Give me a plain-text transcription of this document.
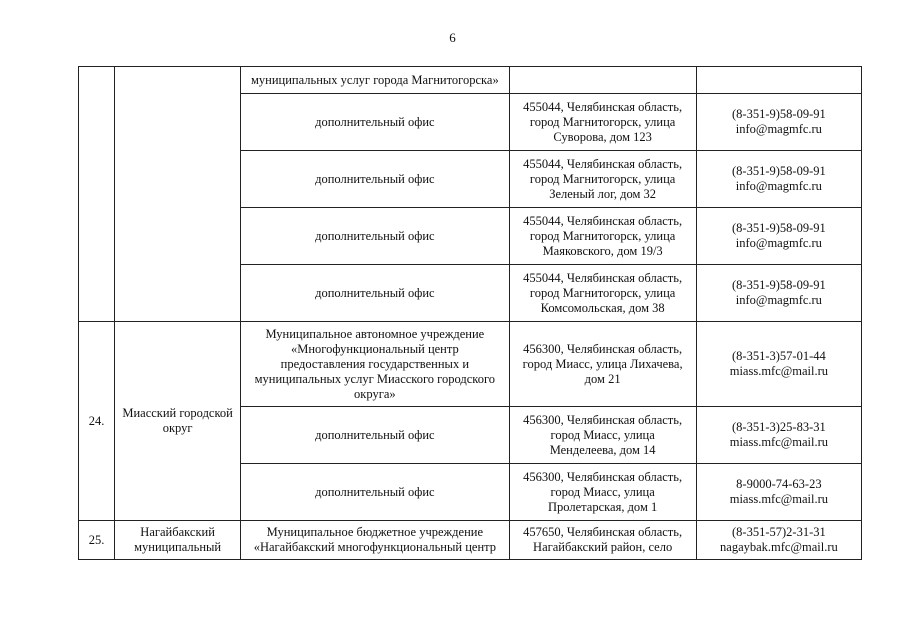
6

		муниципальных услуг города Магнитогорска»		

		дополнительный офис	455044, Челябинская область,
город Магнитогорск, улица
Суворова, дом 123	(8-351-9)58-09-91
info@magmfc.ru

		дополнительный офис	455044, Челябинская область,
город Магнитогорск, улица
Зеленый лог, дом 32	(8-351-9)58-09-91
info@magmfc.ru

		дополнительный офис	455044, Челябинская область,
город Магнитогорск, улица
Маяковского, дом 19/3	(8-351-9)58-09-91
info@magmfc.ru

		дополнительный офис	455044, Челябинская область,
город Магнитогорск, улица
Комсомольская, дом 38	(8-351-9)58-09-91
info@magmfc.ru

24.	Миасский городской
округ	Муниципальное автономное учреждение
«Многофункциональный центр
предоставления государственных и
муниципальных услуг Миасского городского
округа»	456300, Челябинская область,
город Миасс, улица Лихачева,
дом 21	(8-351-3)57-01-44
miass.mfc@mail.ru

		дополнительный офис	456300, Челябинская область,
город Миасс, улица
Менделеева, дом 14	(8-351-3)25-83-31
miass.mfc@mail.ru

		дополнительный офис	456300, Челябинская область,
город Миасс, улица
Пролетарская, дом 1	8-9000-74-63-23
miass.mfc@mail.ru

25.	Нагайбакский
муниципальный	Муниципальное бюджетное учреждение
«Нагайбакский многофункциональный центр	457650, Челябинская область,
Нагайбакский район, село	(8-351-57)2-31-31
nagaybak.mfc@mail.ru
